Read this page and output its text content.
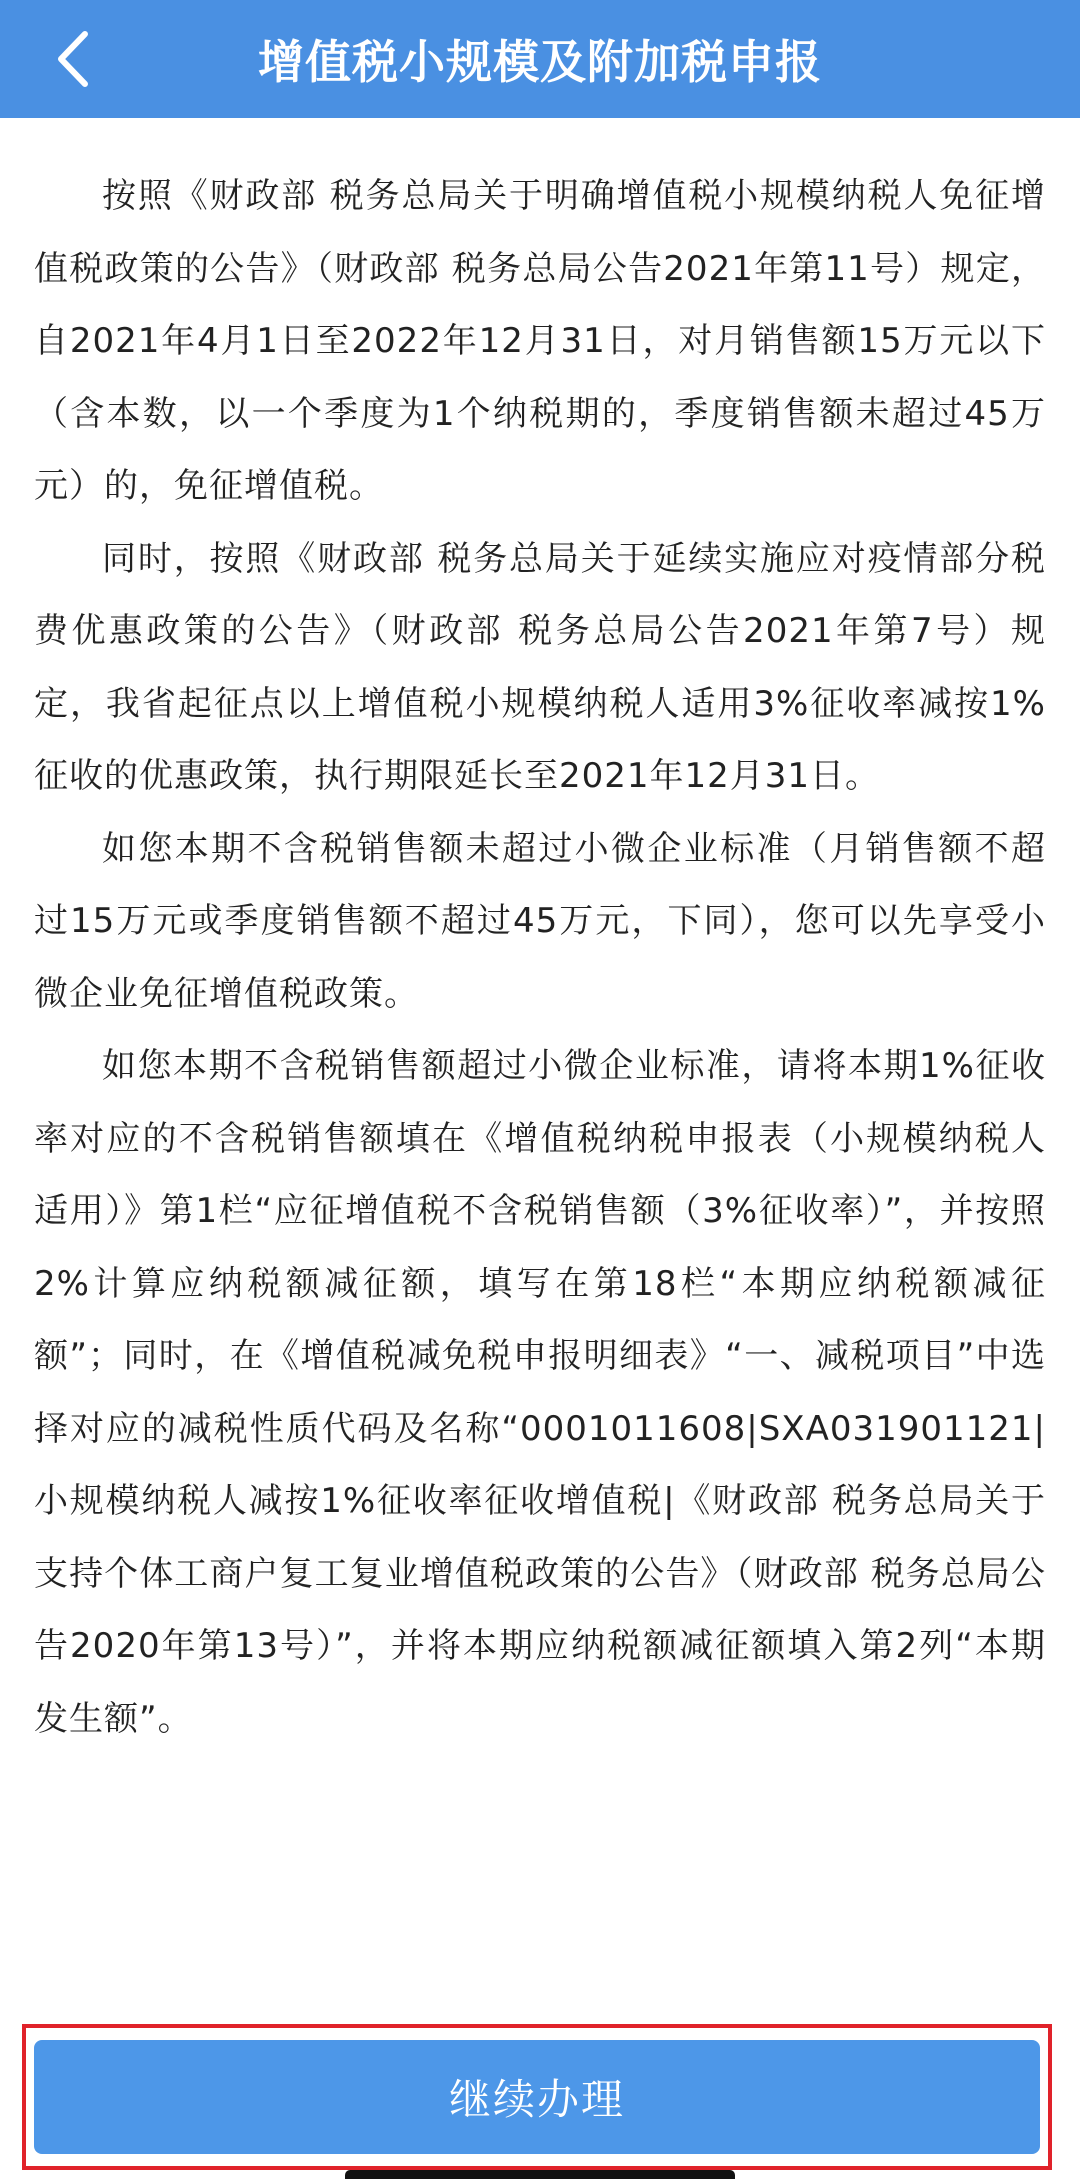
增值税小规模及附加税申报

按照《财政部 税务总局关于明确增值税小规模纳税人免征增值税政策的公告》（财政部 税务总局公告2021年第11号）规定，自2021年4月1日至2022年12月31日，对月销售额15万元以下（含本数，以一个季度为1个纳税期的，季度销售额未超过45万元）的，免征增值税。

同时，按照《财政部 税务总局关于延续实施应对疫情部分税费优惠政策的公告》（财政部 税务总局公告2021年第7号）规定，我省起征点以上增值税小规模纳税人适用3%征收率减按1%征收的优惠政策，执行期限延长至2021年12月31日。

如您本期不含税销售额未超过小微企业标准（月销售额不超过15万元或季度销售额不超过45万元，下同），您可以先享受小微企业免征增值税政策。

如您本期不含税销售额超过小微企业标准，请将本期1%征收率对应的不含税销售额填在《增值税纳税申报表（小规模纳税人适用）》第1栏“应征增值税不含税销售额（3%征收率）”，并按照2%计算应纳税额减征额，填写在第18栏“本期应纳税额减征额”；同时，在《增值税减免税申报明细表》“一、减税项目”中选择对应的减税性质代码及名称“0001011608|SXA031901121|小规模纳税人减按1%征收率征收增值税|《财政部 税务总局关于支持个体工商户复工复业增值税政策的公告》（财政部 税务总局公告2020年第13号）”，并将本期应纳税额减征额填入第2列“本期发生额”。

继续办理
